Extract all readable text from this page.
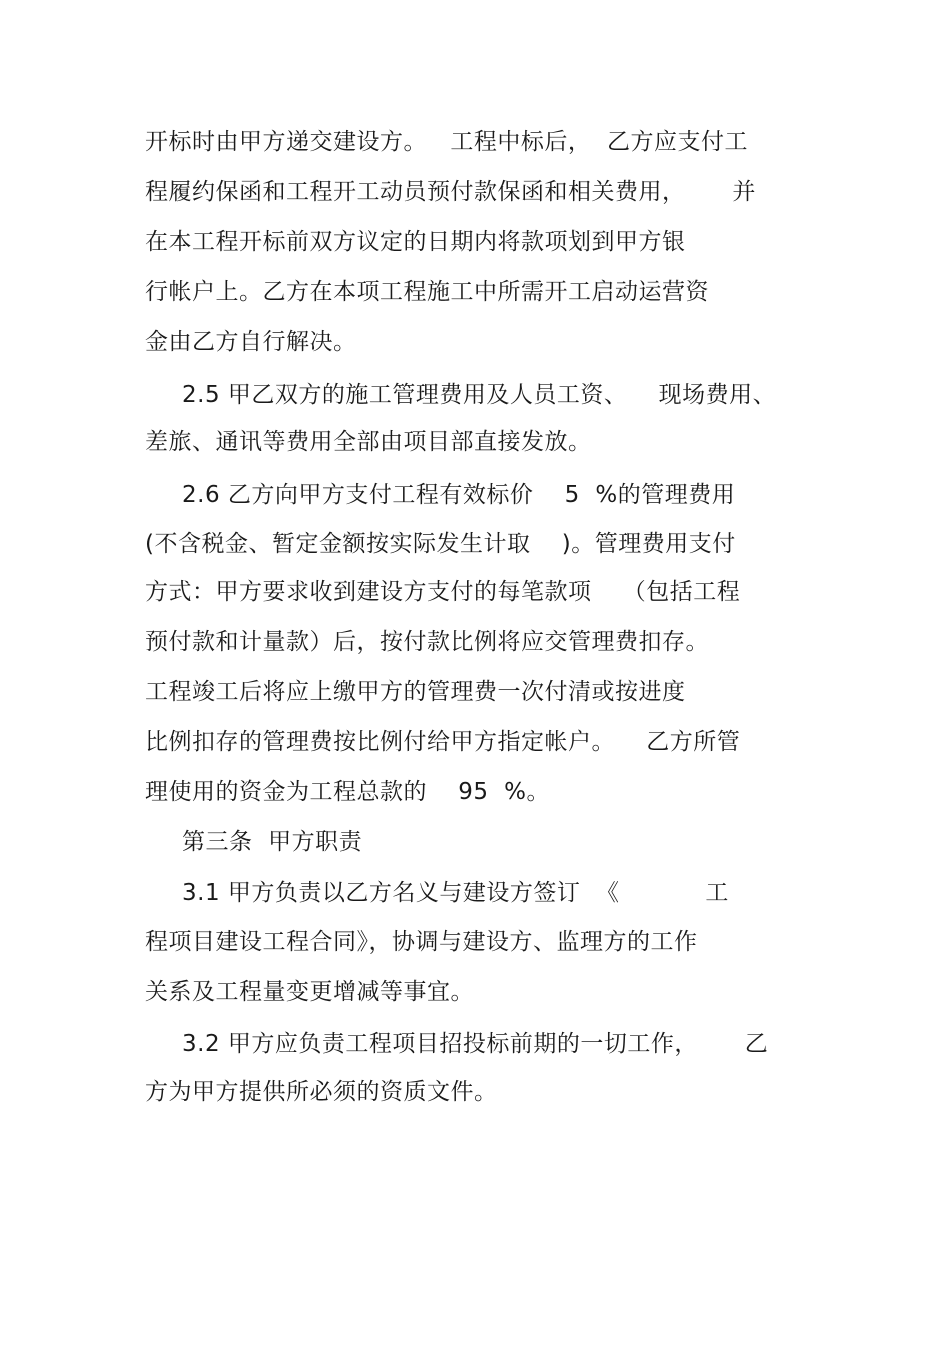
开标时由甲方递交建设方。   工程中标后，  乙方应支付工
程履约保函和工程开工动员预付款保函和相关费用，      并
在本工程开标前双方议定的日期内将款项划到甲方银
行帐户上。乙方在本项工程施工中所需开工启动运营资
金由乙方自行解决。
2.5 甲乙双方的施工管理费用及人员工资、    现场费用、
差旅、通讯等费用全部由项目部直接发放。
2.6 乙方向甲方支付工程有效标价    5  %的管理费用
(不含税金、暂定金额按实际发生计取    )。管理费用支付
方式：甲方要求收到建设方支付的每笔款项    （包括工程
预付款和计量款）后，按付款比例将应交管理费扣存。
工程竣工后将应上缴甲方的管理费一次付清或按进度
比例扣存的管理费按比例付给甲方指定帐户。    乙方所管
理使用的资金为工程总款的    95  %。
第三条  甲方职责
3.1 甲方负责以乙方名义与建设方签订  《           工
程项目建设工程合同》，协调与建设方、监理方的工作
关系及工程量变更增减等事宜。
3.2 甲方应负责工程项目招投标前期的一切工作，      乙
方为甲方提供所必须的资质文件。
